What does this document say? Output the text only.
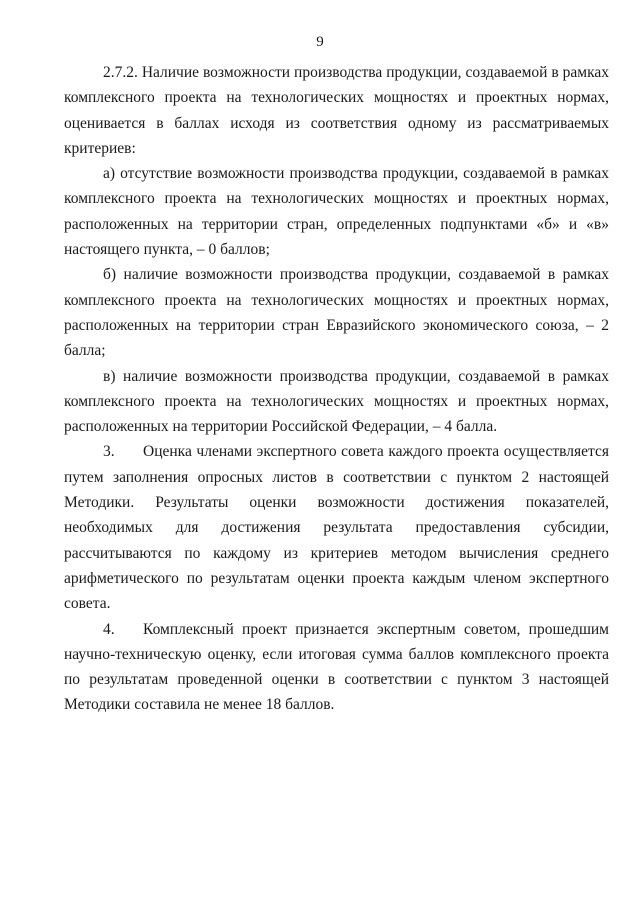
9

2.7.2. Наличие возможности производства продукции, создаваемой в рамках комплексного проекта на технологических мощностях и проектных нормах, оценивается в баллах исходя из соответствия одному из рассматриваемых критериев:

а) отсутствие возможности производства продукции, создаваемой в рамках комплексного проекта на технологических мощностях и проектных нормах, расположенных на территории стран, определенных подпунктами «б» и «в» настоящего пункта, – 0 баллов;

б) наличие возможности производства продукции, создаваемой в рамках комплексного проекта на технологических мощностях и проектных нормах, расположенных на территории стран Евразийского экономического союза, – 2 балла;

в) наличие возможности производства продукции, создаваемой в рамках комплексного проекта на технологических мощностях и проектных нормах, расположенных на территории Российской Федерации, – 4 балла.

3. Оценка членами экспертного совета каждого проекта осуществляется путем заполнения опросных листов в соответствии с пунктом 2 настоящей Методики. Результаты оценки возможности достижения показателей, необходимых для достижения результата предоставления субсидии, рассчитываются по каждому из критериев методом вычисления среднего арифметического по результатам оценки проекта каждым членом экспертного совета.

4. Комплексный проект признается экспертным советом, прошедшим научно-техническую оценку, если итоговая сумма баллов комплексного проекта по результатам проведенной оценки в соответствии с пунктом 3 настоящей Методики составила не менее 18 баллов.
